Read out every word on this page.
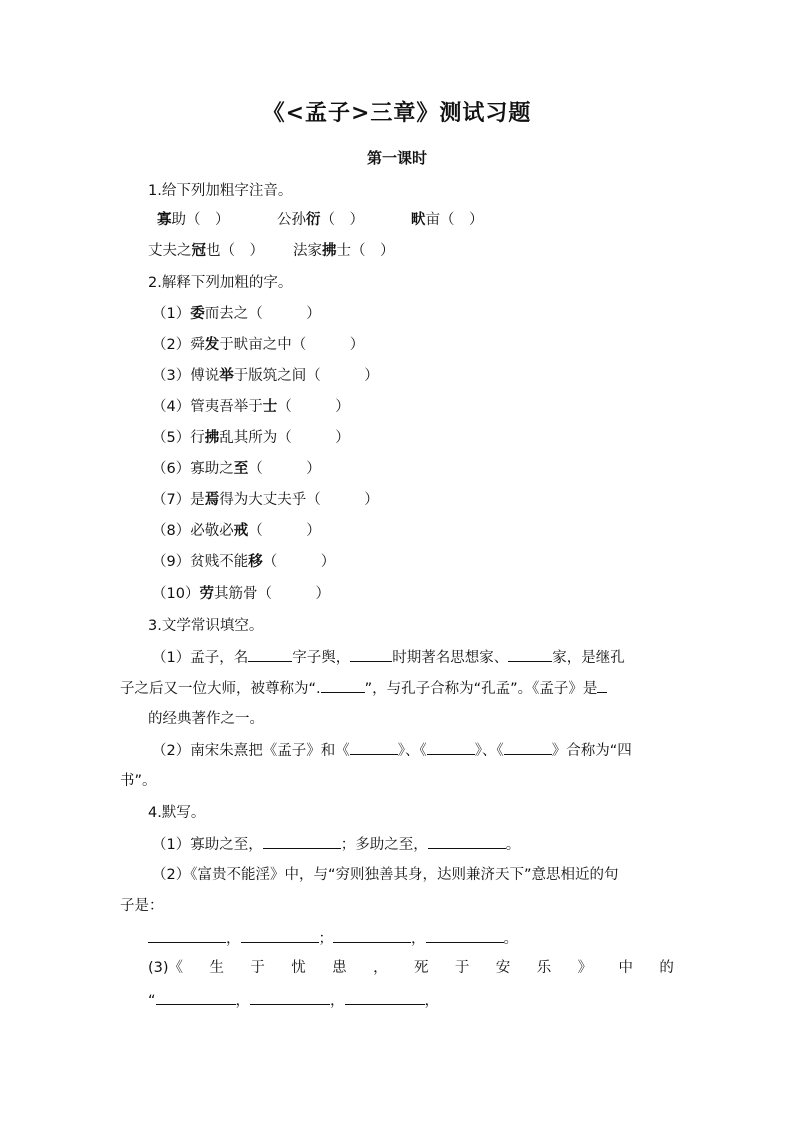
《<孟子>三章》测试习题
第一课时
1.给下列加粗字注音。
寡助（　）	公孙衍（　）	畎亩（　）
丈夫之冠也（　） 法家拂士（　）
2.解释下列加粗的字。
（1）委而去之（　　　）
（2）舜发于畎亩之中（　　　）
（3）傅说举于版筑之间（　　　）
（4）管夷吾举于士（　　　）
（5）行拂乱其所为（　　　）
（6）寡助之至（　　　）
（7）是焉得为大丈夫乎（　　　）
（8）必敬必戒（　　　）
（9）贫贱不能移（　　　）
（10）劳其筋骨（　　　）
3.文学常识填空。
（1）孟子，名	字子舆，	时期著名思想家、	家，是继孔
子之后又一位大师，被尊称为“.	”，与孔子合称为“孔孟”。《孟子》是
的经典著作之一。
（2）南宋朱熹把《孟子》和《	》、《	》、《	》合称为“四
书”。
4.默写。
（1）寡助之至，	；多助之至，	。
（2）《富贵不能淫》中，与“穷则独善其身，达则兼济天下”意思相近的句
子是：
，	；	，	。
(3)《 生 于 忧 患 ， 死 于 安 乐 》 中 的
“	，	，	，
